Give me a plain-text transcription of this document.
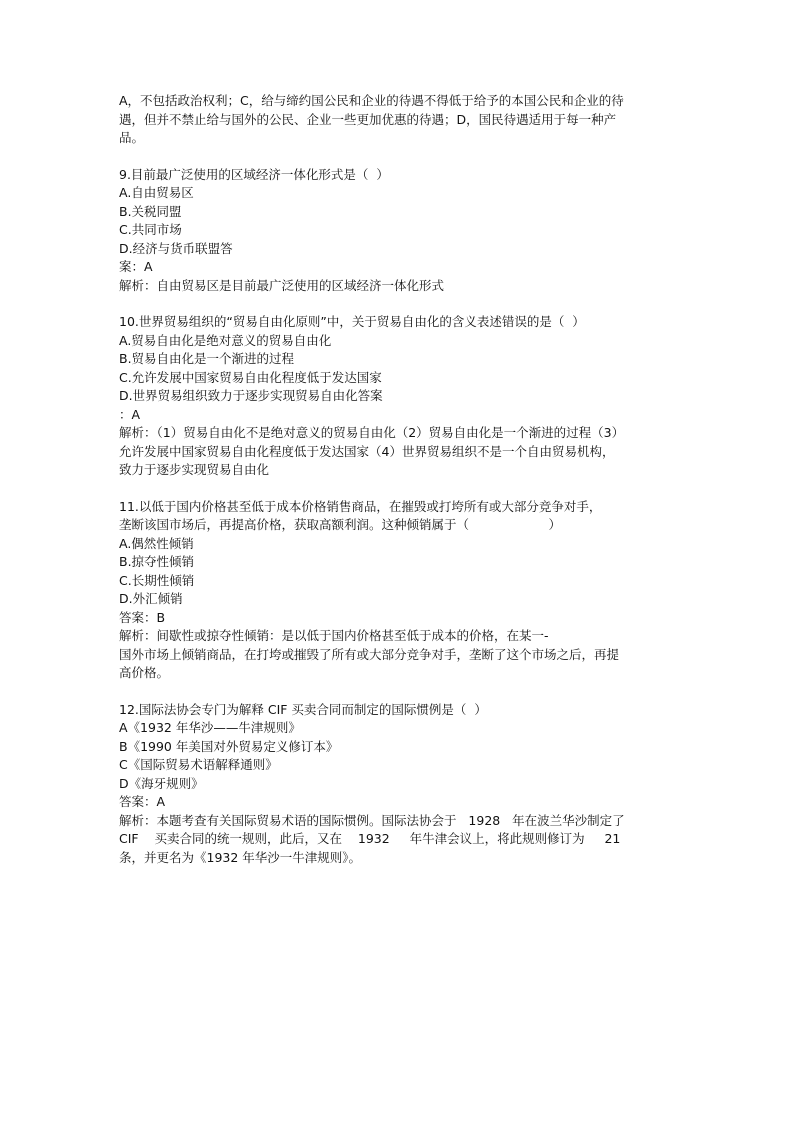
A，不包括政治权利；C，给与缔约国公民和企业的待遇不得低于给予的本国公民和企业的待
遇，但并不禁止给与国外的公民、企业一些更加优惠的待遇；D，国民待遇适用于每一种产
品。
9.目前最广泛使用的区域经济一体化形式是（  ）
A.自由贸易区
B.关税同盟
C.共同市场
D.经济与货币联盟答
案：A
解析：自由贸易区是目前最广泛使用的区域经济一体化形式
10.世界贸易组织的“贸易自由化原则”中，关于贸易自由化的含义表述错误的是（  ）
A.贸易自由化是绝对意义的贸易自由化
B.贸易自由化是一个渐进的过程
C.允许发展中国家贸易自由化程度低于发达国家
D.世界贸易组织致力于逐步实现贸易自由化答案
：A
解析：（1）贸易自由化不是绝对意义的贸易自由化（2）贸易自由化是一个渐进的过程（3）
允许发展中国家贸易自由化程度低于发达国家（4）世界贸易组织不是一个自由贸易机构，
致力于逐步实现贸易自由化
11.以低于国内价格甚至低于成本价格销售商品，在摧毁或打垮所有或大部分竞争对手，
垄断该国市场后，再提高价格，获取高额利润。这种倾销属于（                    ）
A.偶然性倾销
B.掠夺性倾销
C.长期性倾销
D.外汇倾销
答案：B
解析：间歇性或掠夺性倾销：是以低于国内价格甚至低于成本的价格，在某一-
国外市场上倾销商品，在打垮或摧毁了所有或大部分竞争对手，垄断了这个市场之后，再提
高价格。
12.国际法协会专门为解释 CIF 买卖合同而制定的国际惯例是（  ）
A《1932 年华沙——牛津规则》
B《1990 年美国对外贸易定义修订本》
C《国际贸易术语解释通则》
D《海牙规则》
答案：A
解析：本题考查有关国际贸易术语的国际惯例。国际法协会于   1928   年在波兰华沙制定了
CIF    买卖合同的统一规则，此后，又在    1932     年牛津会议上，将此规则修订为     21
条，并更名为《1932 年华沙一牛津规则》。
